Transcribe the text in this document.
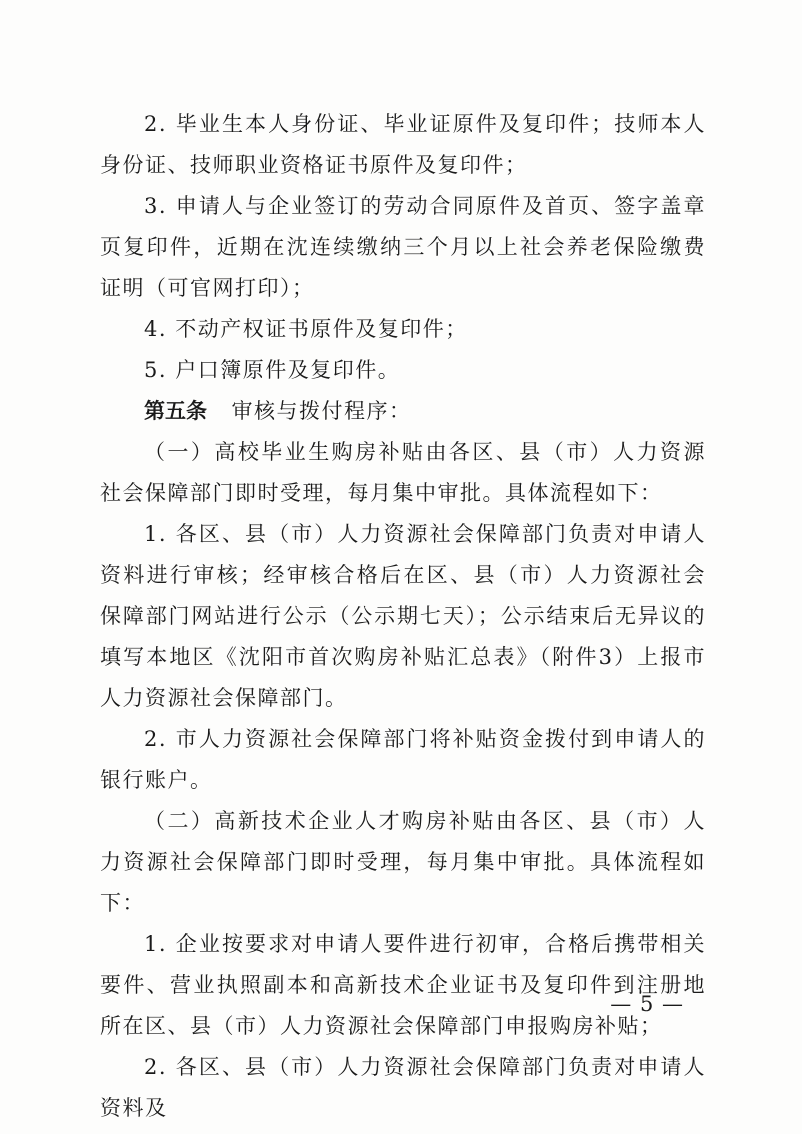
2. 毕业生本人身份证、毕业证原件及复印件；技师本人身份证、技师职业资格证书原件及复印件；

3. 申请人与企业签订的劳动合同原件及首页、签字盖章页复印件，近期在沈连续缴纳三个月以上社会养老保险缴费证明（可官网打印）；

4. 不动产权证书原件及复印件；

5. 户口簿原件及复印件。

第五条 审核与拨付程序：

（一）高校毕业生购房补贴由各区、县（市）人力资源社会保障部门即时受理，每月集中审批。具体流程如下：

1. 各区、县（市）人力资源社会保障部门负责对申请人资料进行审核；经审核合格后在区、县（市）人力资源社会保障部门网站进行公示（公示期七天）；公示结束后无异议的填写本地区《沈阳市首次购房补贴汇总表》（附件3）上报市人力资源社会保障部门。

2. 市人力资源社会保障部门将补贴资金拨付到申请人的银行账户。

（二）高新技术企业人才购房补贴由各区、县（市）人力资源社会保障部门即时受理，每月集中审批。具体流程如下：

1. 企业按要求对申请人要件进行初审，合格后携带相关要件、营业执照副本和高新技术企业证书及复印件到注册地所在区、县（市）人力资源社会保障部门申报购房补贴；

2. 各区、县（市）人力资源社会保障部门负责对申请人资料及

— 5 —
